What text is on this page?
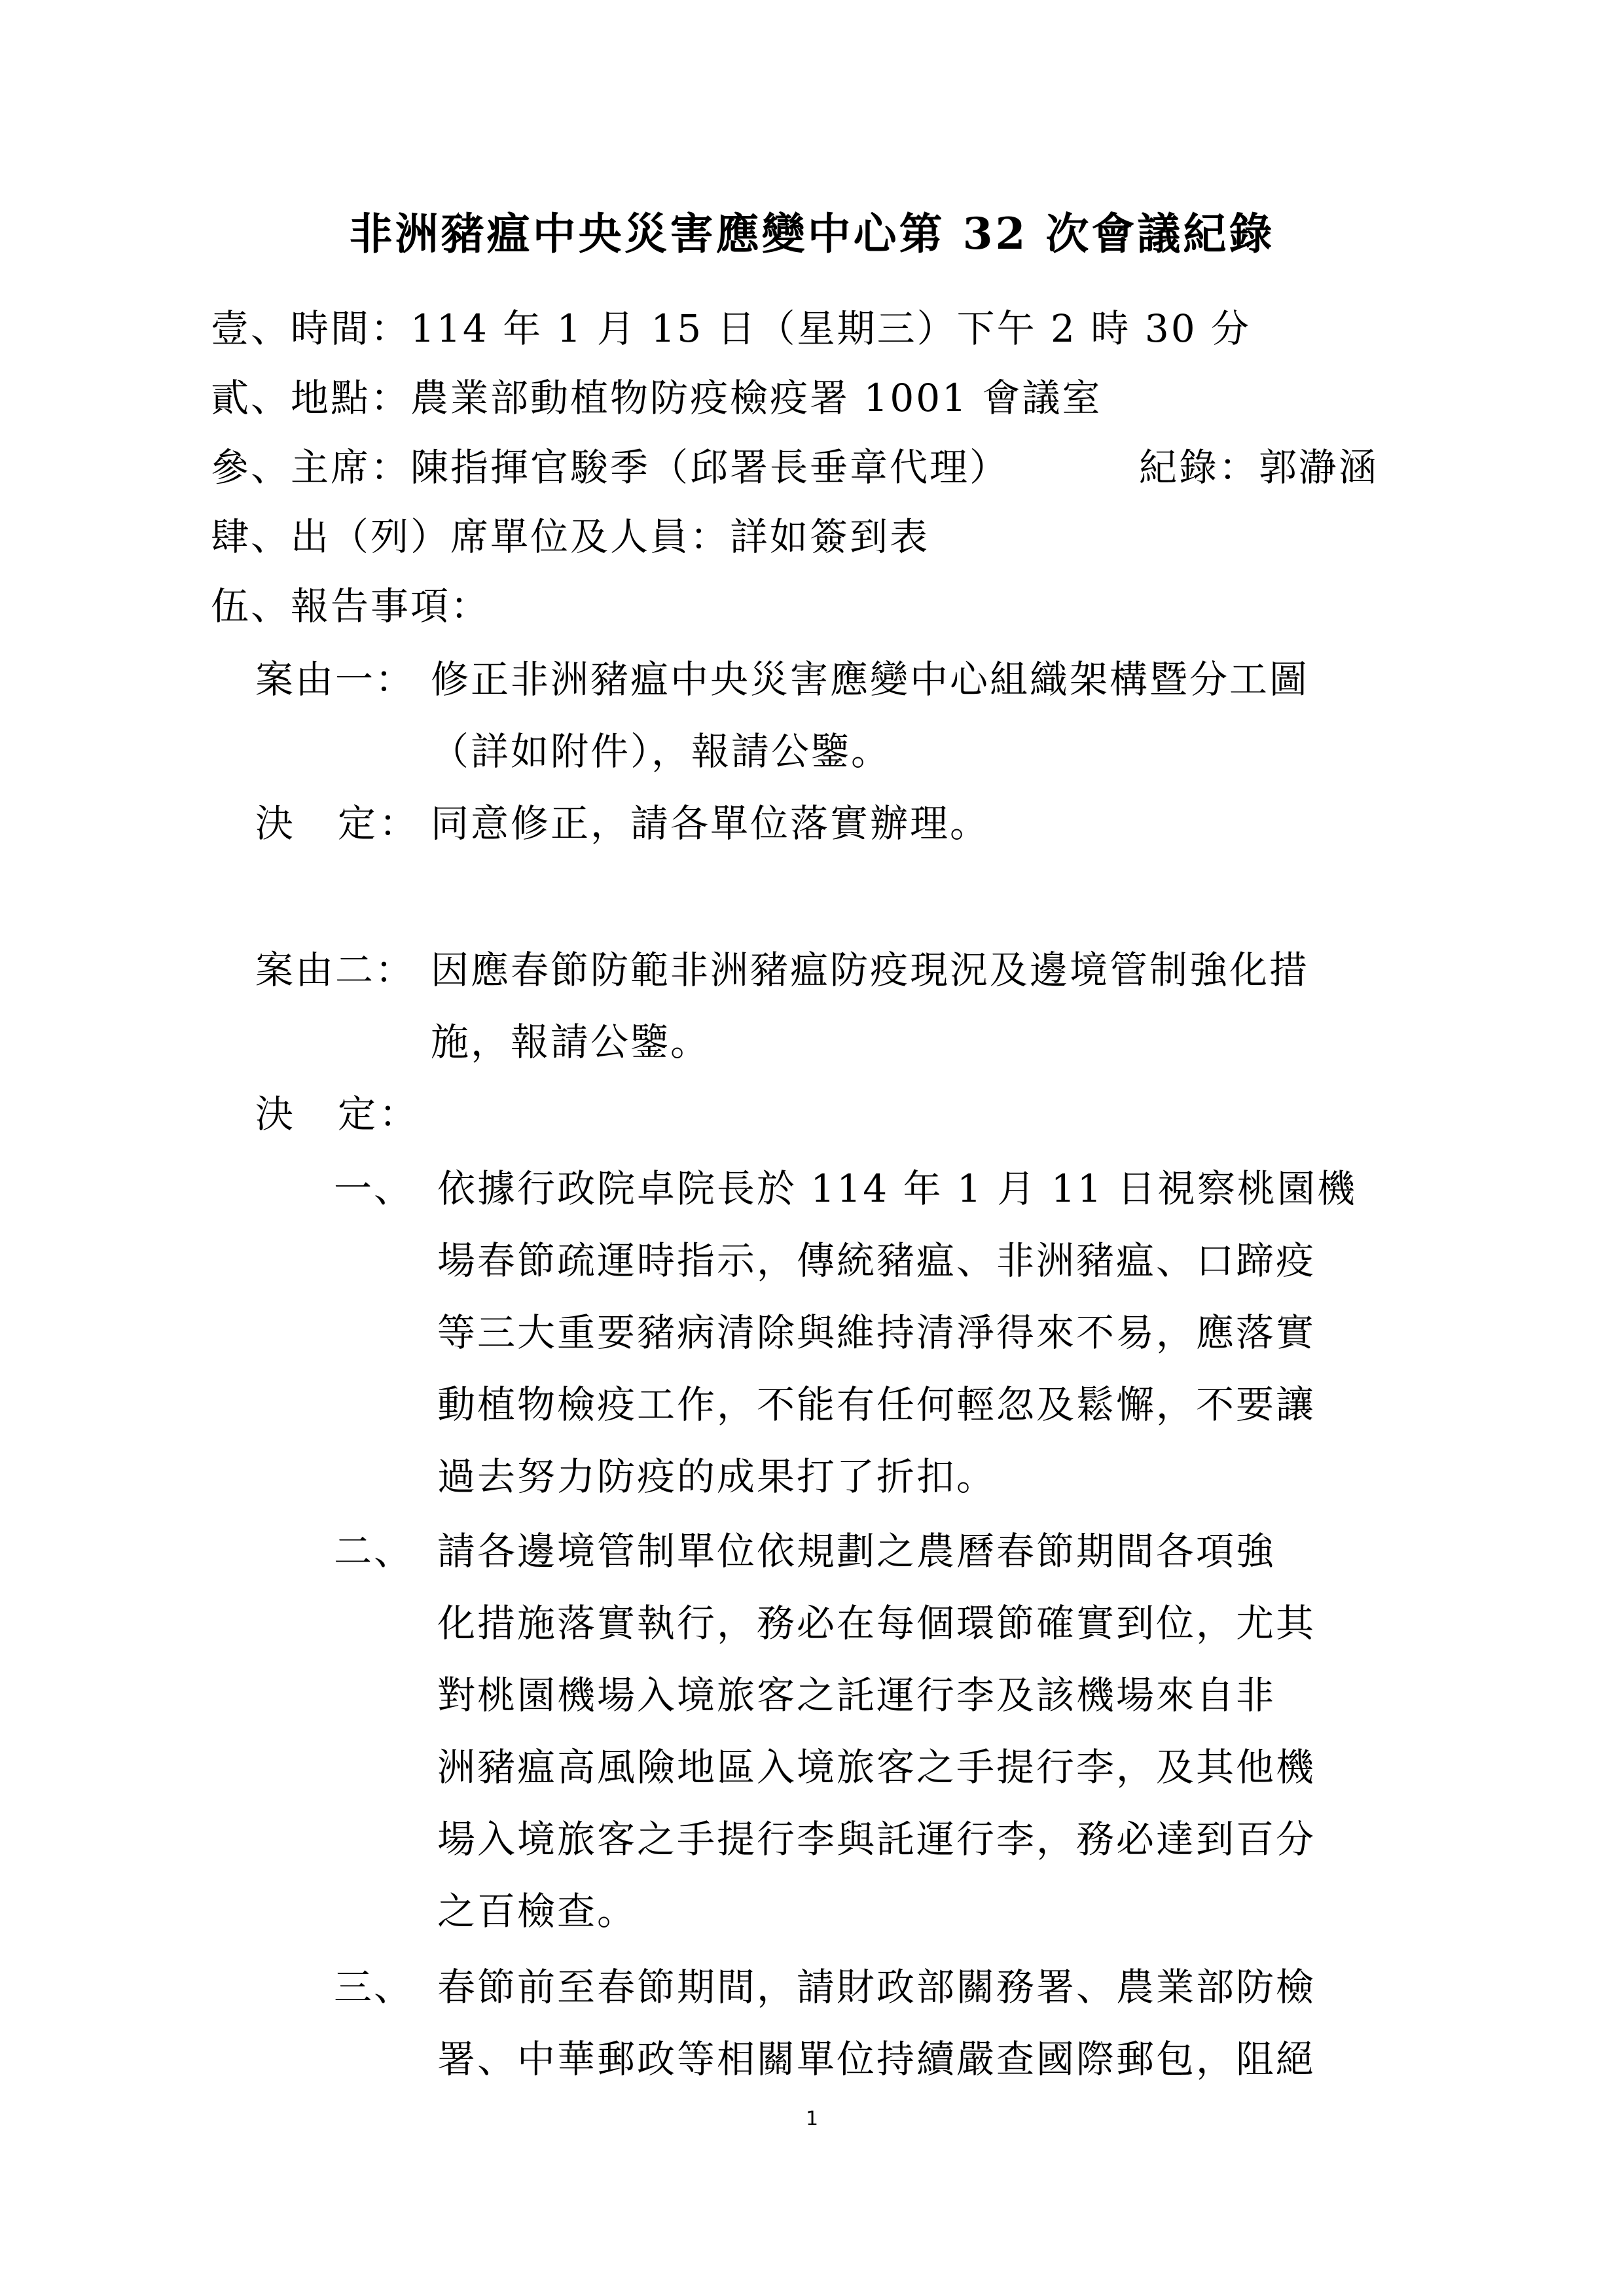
非洲豬瘟中央災害應變中心第 32 次會議紀錄
壹、時間：114 年 1 月 15 日（星期三）下午 2 時 30 分
貳、地點：農業部動植物防疫檢疫署 1001 會議室
參、主席：陳指揮官駿季（邱署長垂章代理）	紀錄：郭瀞涵
肆、出（列）席單位及人員：詳如簽到表
伍、報告事項：
案由一： 修正非洲豬瘟中央災害應變中心組織架構暨分工圖
（詳如附件），報請公鑒。
決　定： 同意修正，請各單位落實辦理。
案由二： 因應春節防範非洲豬瘟防疫現況及邊境管制強化措
施，報請公鑒。
決　定：
一、 依據行政院卓院長於 114 年 1 月 11 日視察桃園機
場春節疏運時指示，傳統豬瘟、非洲豬瘟、口蹄疫
等三大重要豬病清除與維持清淨得來不易，應落實
動植物檢疫工作，不能有任何輕忽及鬆懈，不要讓
過去努力防疫的成果打了折扣。
二、 請各邊境管制單位依規劃之農曆春節期間各項強
化措施落實執行，務必在每個環節確實到位，尤其
對桃園機場入境旅客之託運行李及該機場來自非
洲豬瘟高風險地區入境旅客之手提行李，及其他機
場入境旅客之手提行李與託運行李，務必達到百分
之百檢查。
三、 春節前至春節期間，請財政部關務署、農業部防檢
署、中華郵政等相關單位持續嚴查國際郵包，阻絕
1
